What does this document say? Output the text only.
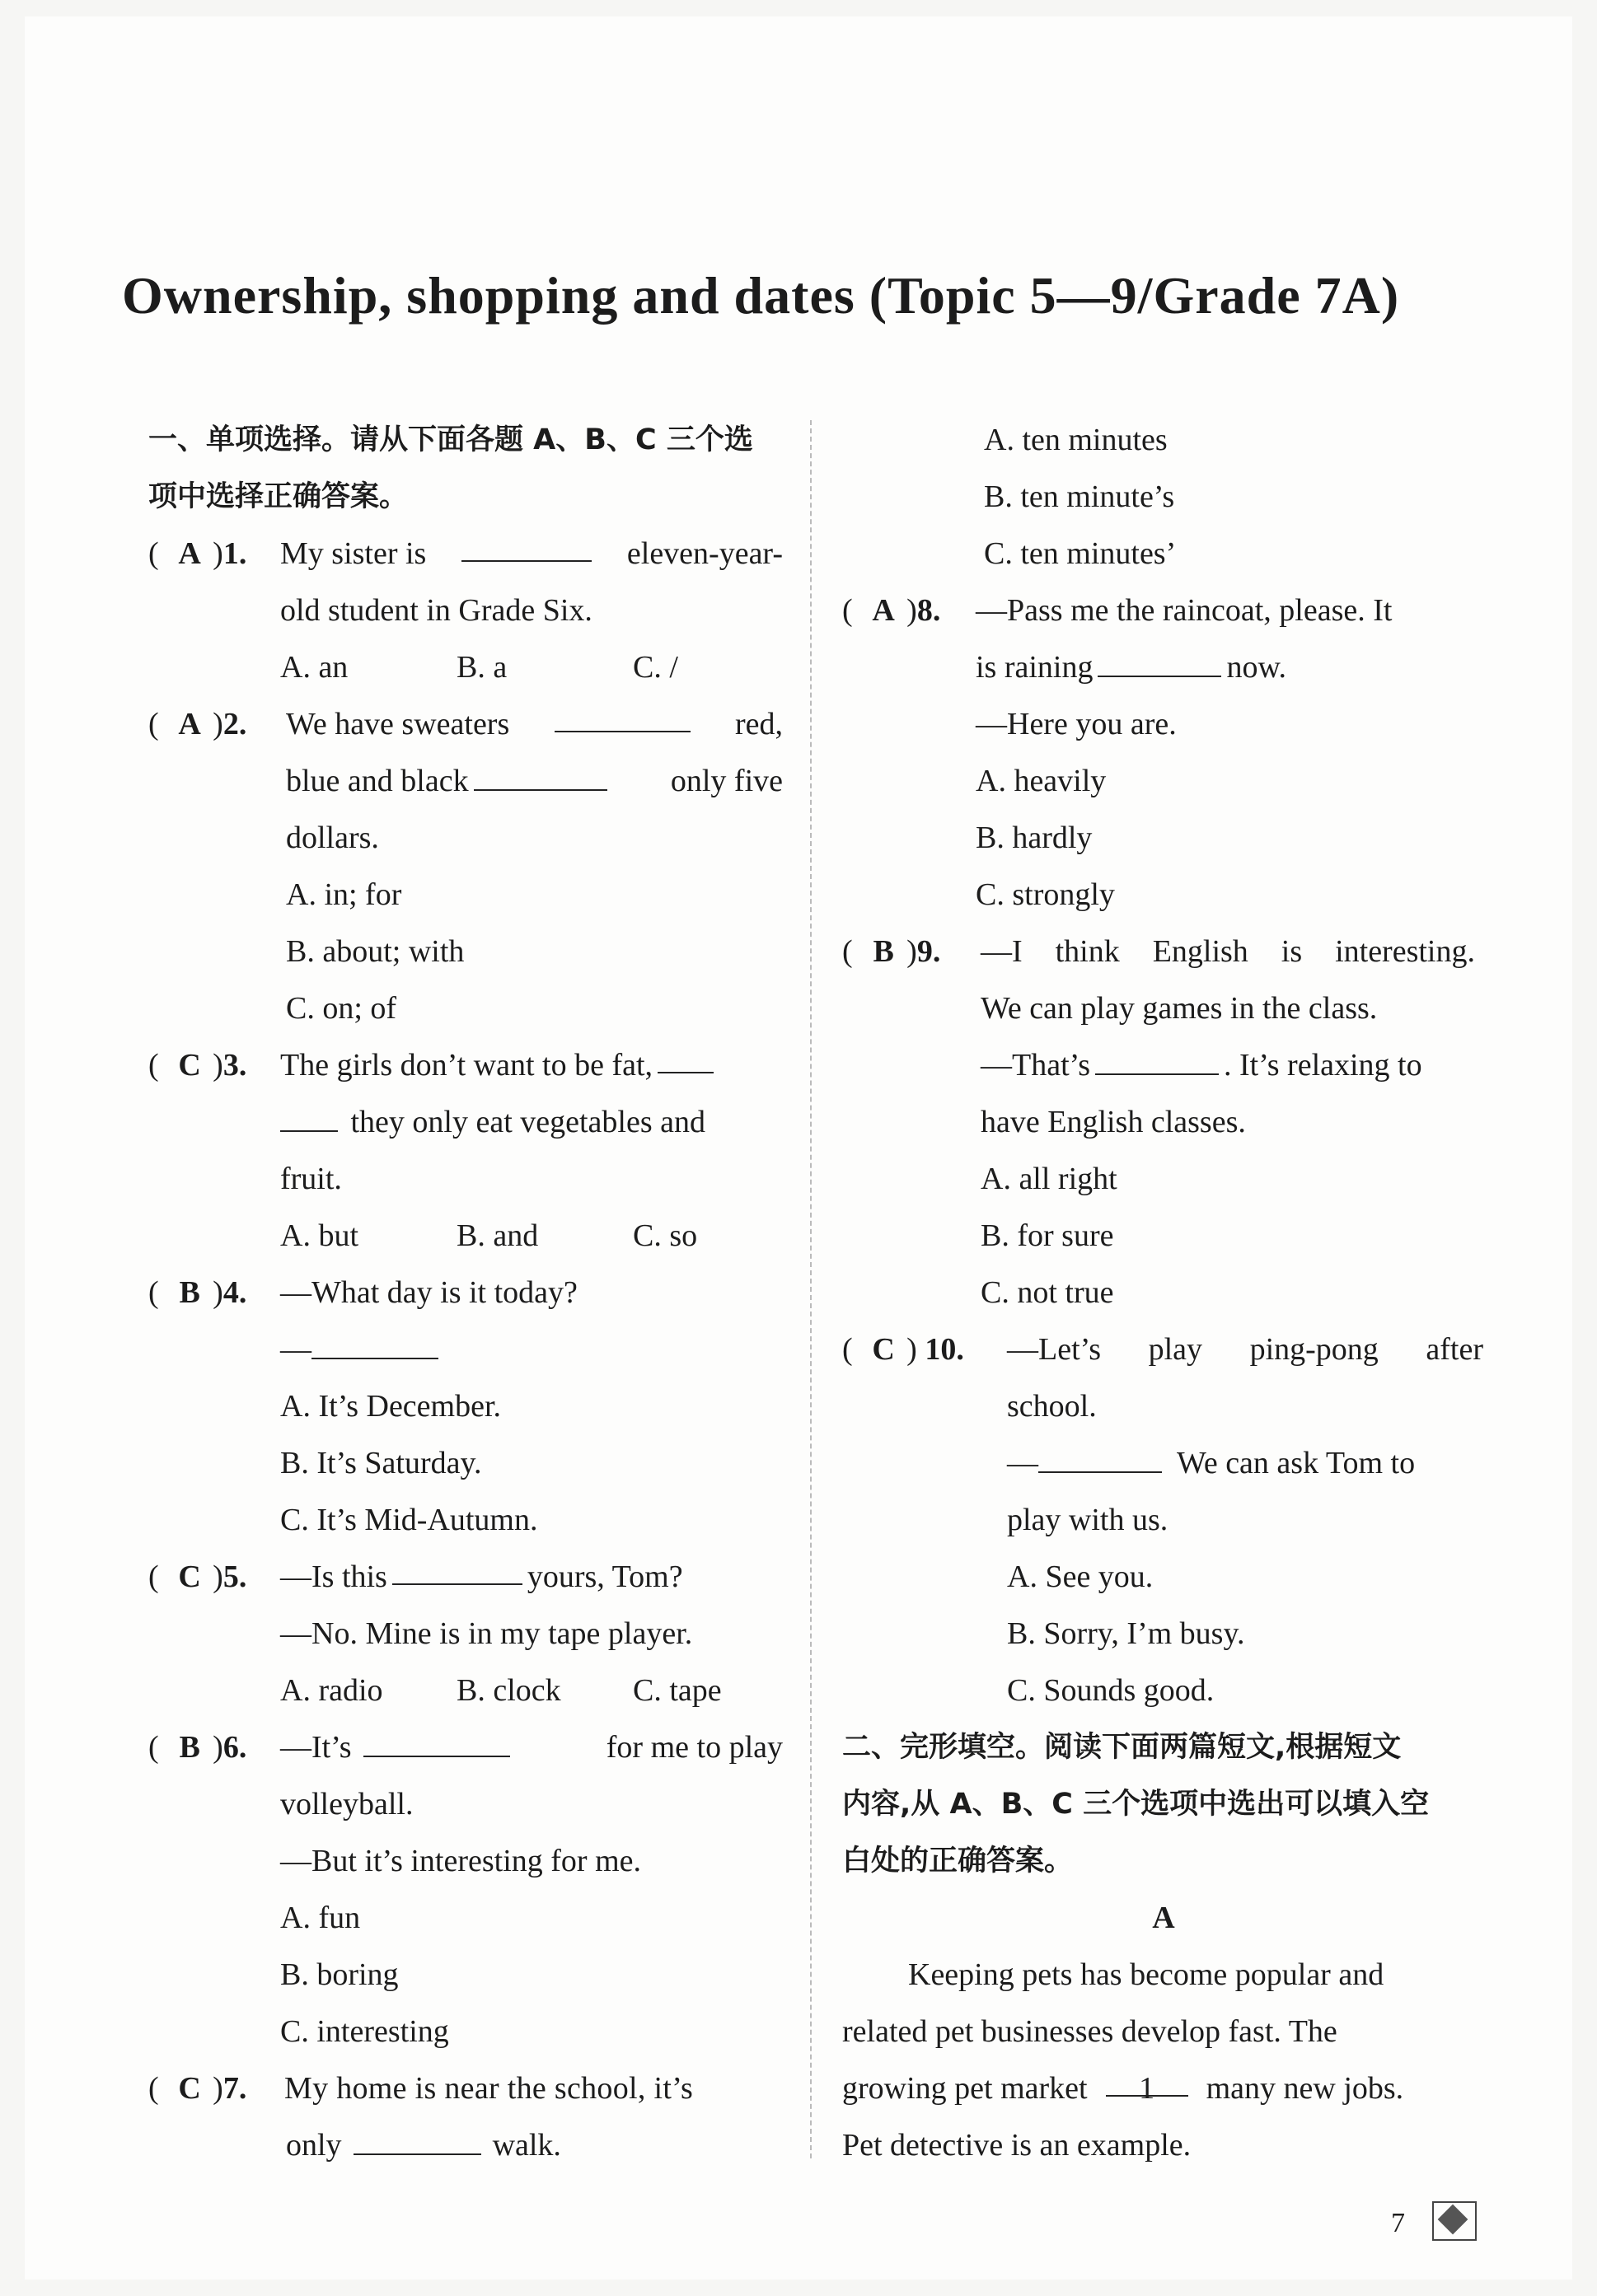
Ownership, shopping and dates (Topic 5—9/Grade 7A)
一、单项选择。请从下面各题 A、B、C 三个选
项中选择正确答案。
( A )1.	My sister is	eleven-year-
old student in Grade Six.
A. an	B. a	C. /
( A )2.	We have sweaters	red,
blue and black	only five
dollars.
A. in; for
B. about; with
C. on; of
( C )3.	The girls don’t want to be fat,
they only eat vegetables and
fruit.
A. but	B. and	C. so
( B )4.	—What day is it today?
—
A. It’s December.
B. It’s Saturday.
C. It’s Mid-Autumn.
( C )5.	—Is this	yours, Tom?
—No. Mine is in my tape player.
A. radio B. clock C. tape
( B )6.	—It’s	for me to play
volleyball.
—But it’s interesting for me.
A. fun
B. boring
C. interesting
( C )7.	My home is near the school, it’s
only	walk.
A. ten minutes
B. ten minute’s
C. ten minutes’
( A )8.	—Pass me the raincoat, please. It
is raining	now.
—Here you are.
A. heavily
B. hardly
C. strongly
( B )9.	—I think English is interesting.
We can play games in the class.
—That’s	. It’s relaxing to
have English classes.
A. all right
B. for sure
C. not true
( C ) 10.	—Let’s play ping-pong after
school.
—	We can ask Tom to
play with us.
A. See you.
B. Sorry, I’m busy.
C. Sounds good.
二、完形填空。阅读下面两篇短文,根据短文
内容,从 A、B、C 三个选项中选出可以填入空
白处的正确答案。
A
Keeping pets has become popular and
related pet businesses develop fast. The
growing pet market 1 many new jobs.
Pet detective is an example.
7
